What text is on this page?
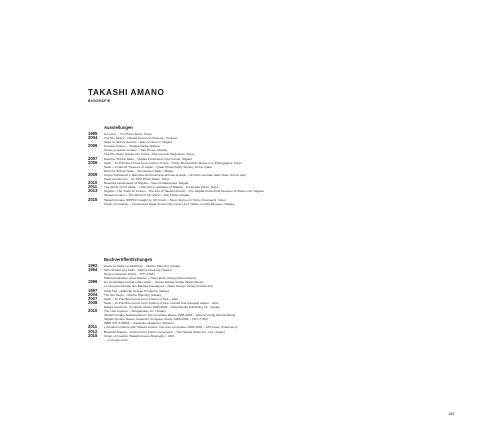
TAKASHI AMANO
BIOGRAFIE
Ausstellungen
1995	Umi-Oyo – TJJ Photo Salon, Tokyo
2004	The Rio Negro – Niigata Forest Art Museum, Toyama
Sasu no Shinrai Amano – Ikiko Art Forum, Niigata
2006	Kusatsu Amano – Niigata Daiwa, Niigata
Sunsi no Garten Amano – Tobi House, Niigata
The Rio Negro Nature into Plaza – Myouryouds Saigouhan, Tokyo
2007	Daimine Shinrai Sado – Niigata Prefectural Civic Center, Niigata
2006	Sado – To Primitive Forest Form bottom of Sea – Tokyo Metropolitan Museum of Photography, Tokyo
Sado + A Natural Treasure of Japan – Qatar Photography Society, Doha, Qatar
Daimine Shinrai Sado – Simulament Sado, Niigata
2009	Acqua Spettacolo e Raccolta dell'Amazonia all'Isola di Sado – Archivio Centrale dello Stato, Roma, Italy
Sado Gesshouyo – Ito Tohri Photo Salon, Tokyo
2010	Beautiful Landscapes of Niigata – View Fusakinagata, Niigata
2011	The World of KO Vision – Unknown Landscape of Niigata – Prefecture Plaza, Tokyo
2013	Niigata – The Track for Future – The Eye of Takashi Amano – The Niigata Prefectural Museum of Modern Art, Niigata
Takashi Amano – The World of KO Vision – Niki Plaza, Niigata
2015	Takashi Amano NIPPON caught by KO brush – Tokyo Skytree in Tokyo Solamachi, Tokyo
Origin of Creation – Yamkomura Saga Community Center and Yahiko-no-Oka Museum, Niigata
Buchveröffentlichungen
1992	Glass no Naka no Daishizen – Marine Planning (Japan)
1994	Mizu Shiden eno Kaiki – Marine Planning (Japan)
Nature aquarium World – TFH (USA)
Pflanzenparadies unter Wasser – Natur Buch Verlag (Deutschland)
1996	De wonderlijke wereld onder water – Natuur Eisasa Verlag (Niederlande)
Le Nouveau Monde des Plantes Aquatiques – Natur Design Verlag (Frankreich)
1997	Aqua 5pa – Editorial George Hondechu (Italien)
2004	The Rio Negro – Marine Planning (Japan)
2007	Sado – To Primitive Forest Form bottom of Sea – ADA
2008	Sado – To Primitive Forest Form bottom of Sea, revised and enlarged edition – ADA
Nature Aquarium: Complete Works 1985-2009 – Sakai Media Publishing Inc. (Japan)
2010	The Last Amazon – Shogakukan Inc. (Japan)
Takashi Amano Naturaquarium: Die komplette Werke 1985-2009 – Dienna Verlag (Deutschland)
Takashi Amano Nature Aquarium Complete Works 1985-2009 – TFH. (USA)
ISBN 978-3-95505 – Aquapollo Magazine (Taiwan)
2011	L'Aquarium Naturel par Takashi Amano: Oeuvres Complètes 1985-2009 – LB France (Frankreich)
2012	Beautiful Niigata – A Record for Future Generation – The Niigata Nippo Co., Ltd. (Japan)
2015	Origin of Creation Takashi Amano Biography – ADA
... und viele mehr
169
